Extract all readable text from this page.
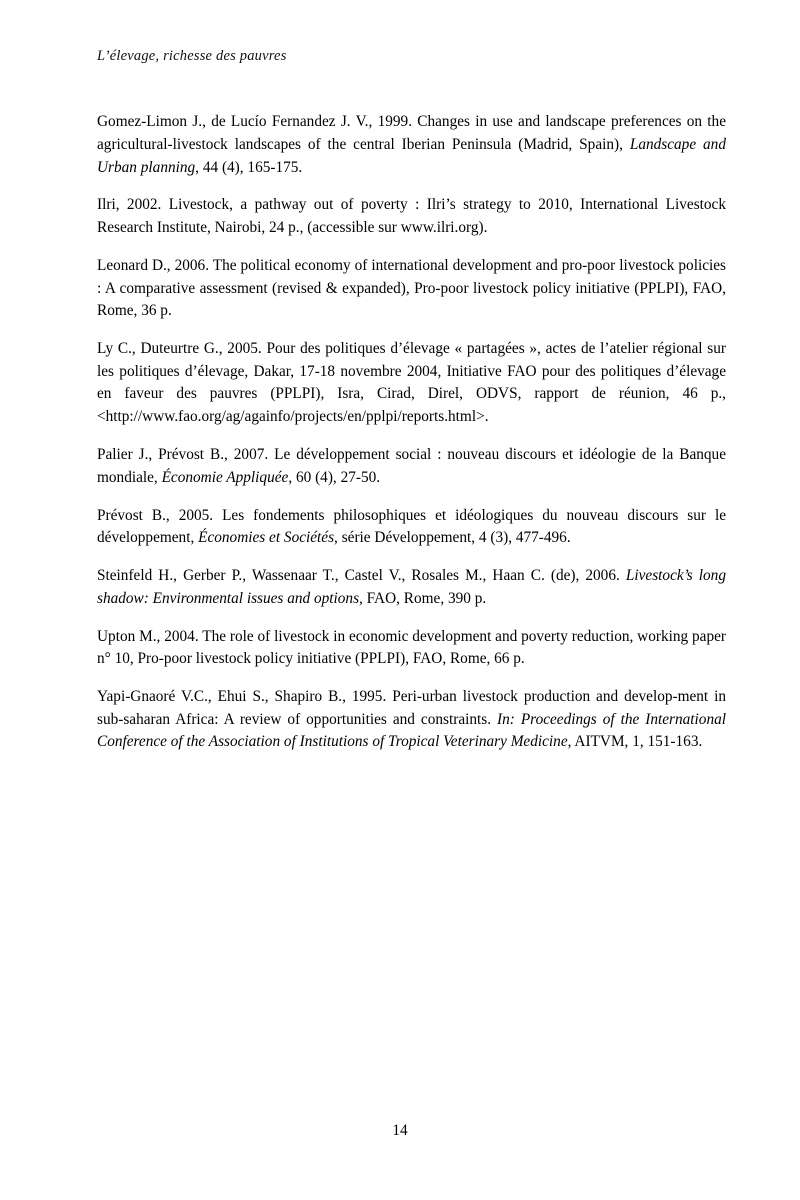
L’élevage, richesse des pauvres

Gomez-Limon J., de Lucío Fernandez J. V., 1999. Changes in use and landscape preferences on the agricultural-livestock landscapes of the central Iberian Peninsula (Madrid, Spain), Landscape and Urban planning, 44 (4), 165-175.

Ilri, 2002. Livestock, a pathway out of poverty : Ilri’s strategy to 2010, International Livestock Research Institute, Nairobi, 24 p., (accessible sur www.ilri.org).

Leonard D., 2006. The political economy of international development and pro-poor livestock policies : A comparative assessment (revised & expanded), Pro-poor livestock policy initiative (PPLPI), FAO, Rome, 36 p.

Ly C., Duteurtre G., 2005. Pour des politiques d’élevage « partagées », actes de l’atelier régional sur les politiques d’élevage, Dakar, 17-18 novembre 2004, Initiative FAO pour des politiques d’élevage en faveur des pauvres (PPLPI), Isra, Cirad, Direl, ODVS, rapport de réunion, 46 p., <http://www.fao.org/ag/againfo/projects/en/pplpi/reports.html>.

Palier J., Prévost B., 2007. Le développement social : nouveau discours et idéologie de la Banque mondiale, Économie Appliquée, 60 (4), 27-50.

Prévost B., 2005. Les fondements philosophiques et idéologiques du nouveau discours sur le développement, Économies et Sociétés, série Développement, 4 (3), 477-496.

Steinfeld H., Gerber P., Wassenaar T., Castel V., Rosales M., Haan C. (de), 2006. Livestock’s long shadow: Environmental issues and options, FAO, Rome, 390 p.

Upton M., 2004. The role of livestock in economic development and poverty reduction, working paper n° 10, Pro-poor livestock policy initiative (PPLPI), FAO, Rome, 66 p.

Yapi-Gnaoré V.C., Ehui S., Shapiro B., 1995. Peri-urban livestock production and develop-ment in sub-saharan Africa: A review of opportunities and constraints. In: Proceedings of the International Conference of the Association of Institutions of Tropical Veterinary Medicine, AITVM, 1, 151-163.

14
